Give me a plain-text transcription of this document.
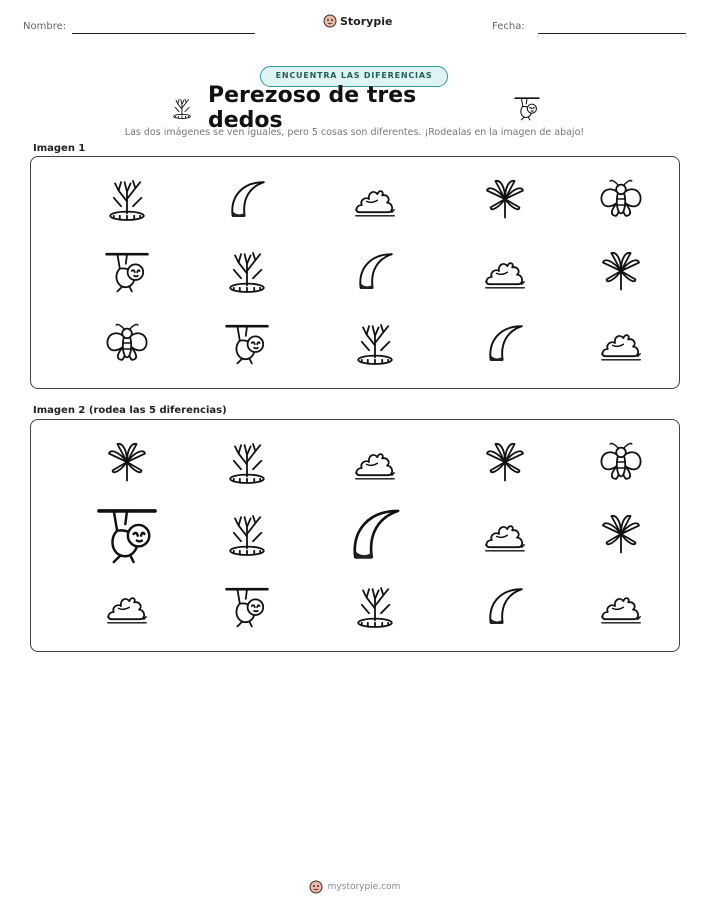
Nombre:	Storypie	Fecha:
ENCUENTRA LAS DIFERENCIAS
Perezoso de tres dedos
Las dos imágenes se ven iguales, pero 5 cosas son diferentes. ¡Rodealas en la imagen de abajo!
Imagen 1
Imagen 2 (rodea las 5 diferencias)
mystorypie.com
